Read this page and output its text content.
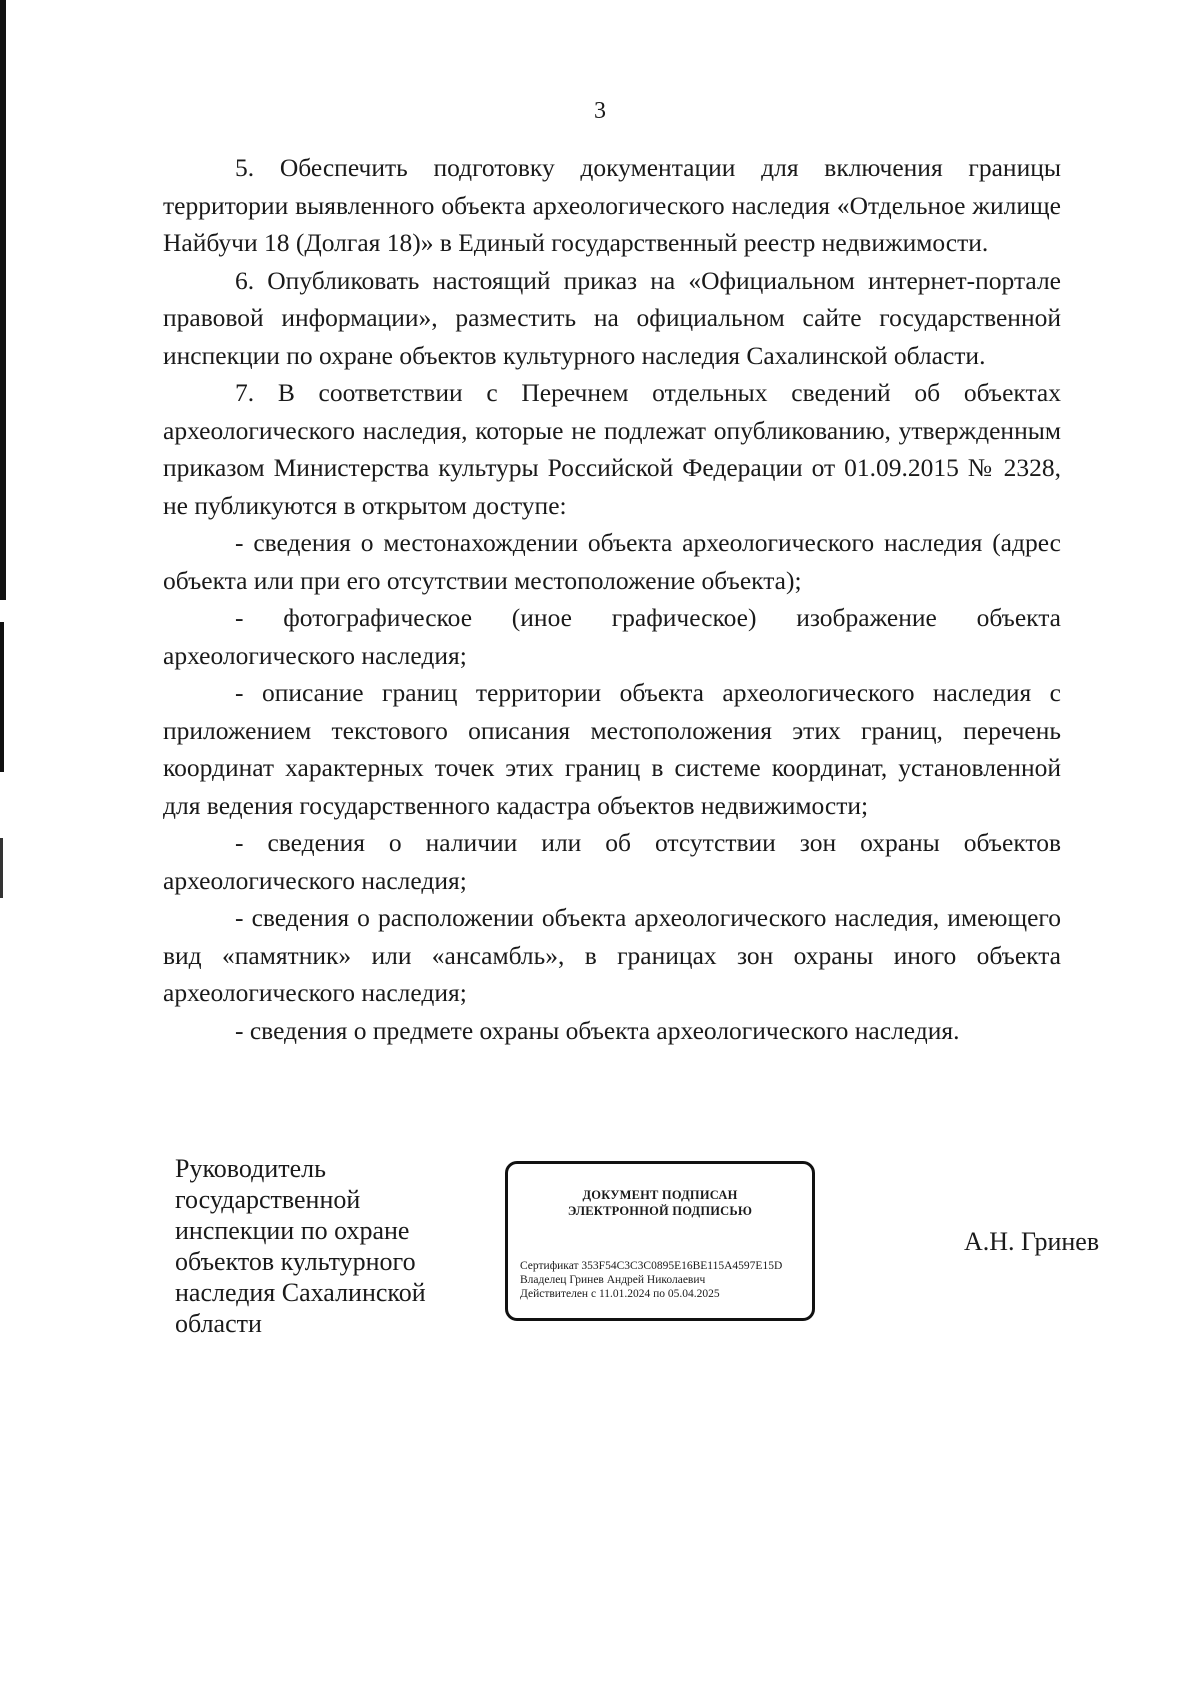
3

5. Обеспечить подготовку документации для включения границы территории выявленного объекта археологического наследия «Отдельное жилище Найбучи 18 (Долгая 18)» в Единый государственный реестр недвижимости.

6. Опубликовать настоящий приказ на «Официальном интернет-портале правовой информации», разместить на официальном сайте государственной инспекции по охране объектов культурного наследия Сахалинской области.

7. В соответствии с Перечнем отдельных сведений об объектах археологического наследия, которые не подлежат опубликованию, утвержденным приказом Министерства культуры Российской Федерации от 01.09.2015 № 2328, не публикуются в открытом доступе:

- сведения о местонахождении объекта археологического наследия (адрес объекта или при его отсутствии местоположение объекта);

- фотографическое (иное графическое) изображение объекта археологического наследия;

- описание границ территории объекта археологического наследия с приложением текстового описания местоположения этих границ, перечень координат характерных точек этих границ в системе координат, установленной для ведения государственного кадастра объектов недвижимости;

- сведения о наличии или об отсутствии зон охраны объектов археологического наследия;

- сведения о расположении объекта археологического наследия, имеющего вид «памятник» или «ансамбль», в границах зон охраны иного объекта археологического наследия;

- сведения о предмете охраны объекта археологического наследия.

Руководитель
государственной
инспекции по охране
объектов культурного
наследия Сахалинской
области
ДОКУМЕНТ ПОДПИСАН
ЭЛЕКТРОННОЙ ПОДПИСЬЮ
Сертификат 353F54C3C3C0895E16BE115A4597E15D
Владелец Гринев Андрей Николаевич
Действителен с 11.01.2024 по 05.04.2025
А.Н. Гринев
